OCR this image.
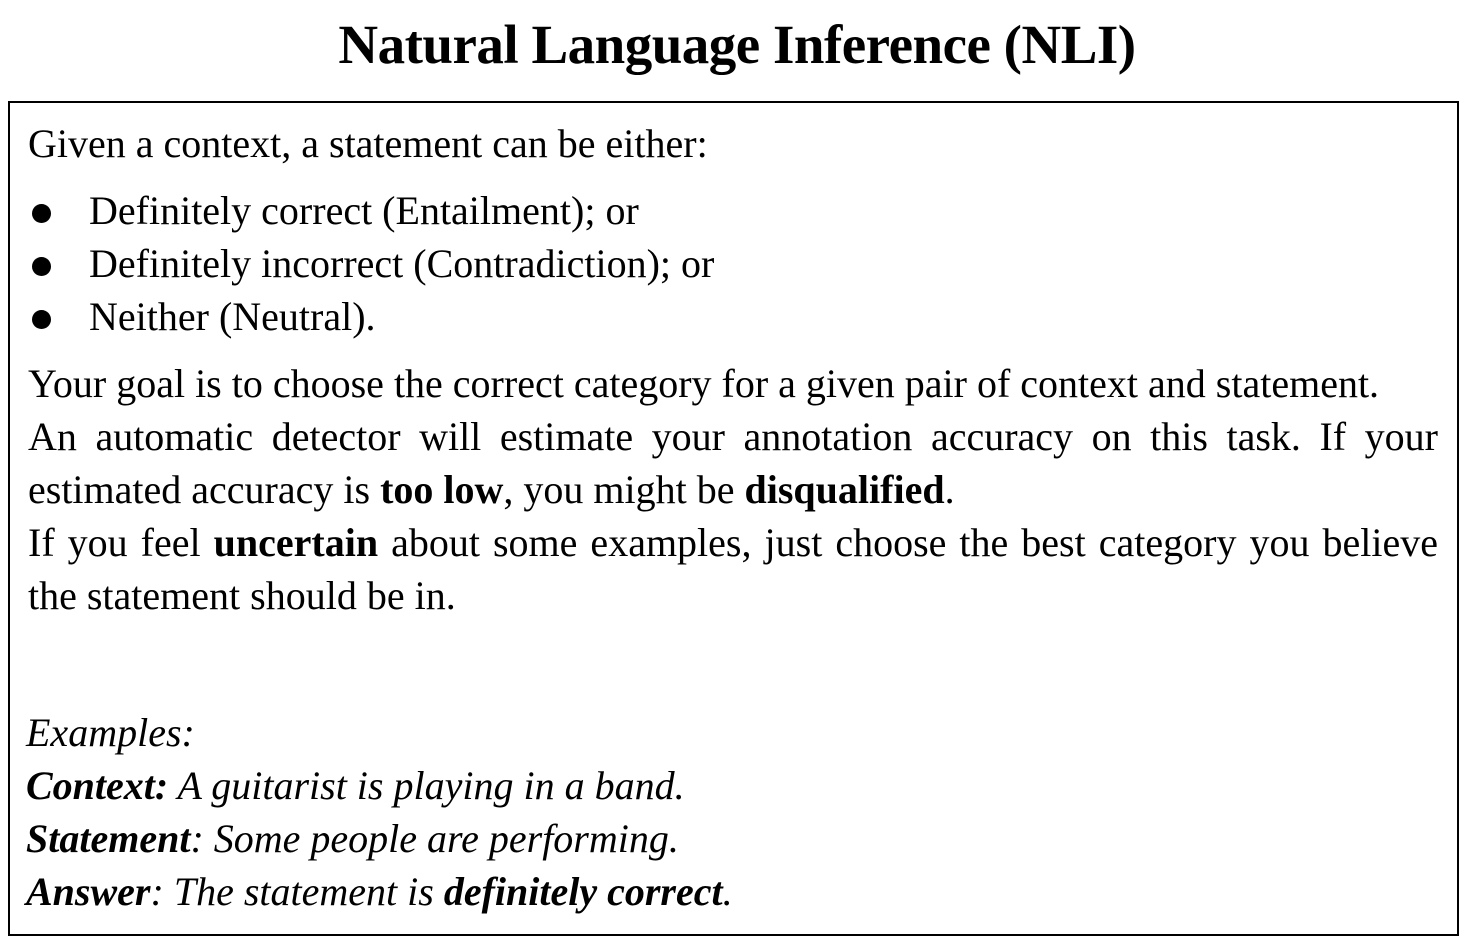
Natural Language Inference (NLI)

Given a context, a statement can be either:

Definitely correct (Entailment); or
Definitely incorrect (Contradiction); or
Neither (Neutral).

Your goal is to choose the correct category for a given pair of context and statement.

An automatic detector will estimate your annotation accuracy on this task. If your estimated accuracy is too low, you might be disqualified.

If you feel uncertain about some examples, just choose the best category you believe the statement should be in.

Examples:
Context: A guitarist is playing in a band.
Statement: Some people are performing.
Answer: The statement is definitely correct.
